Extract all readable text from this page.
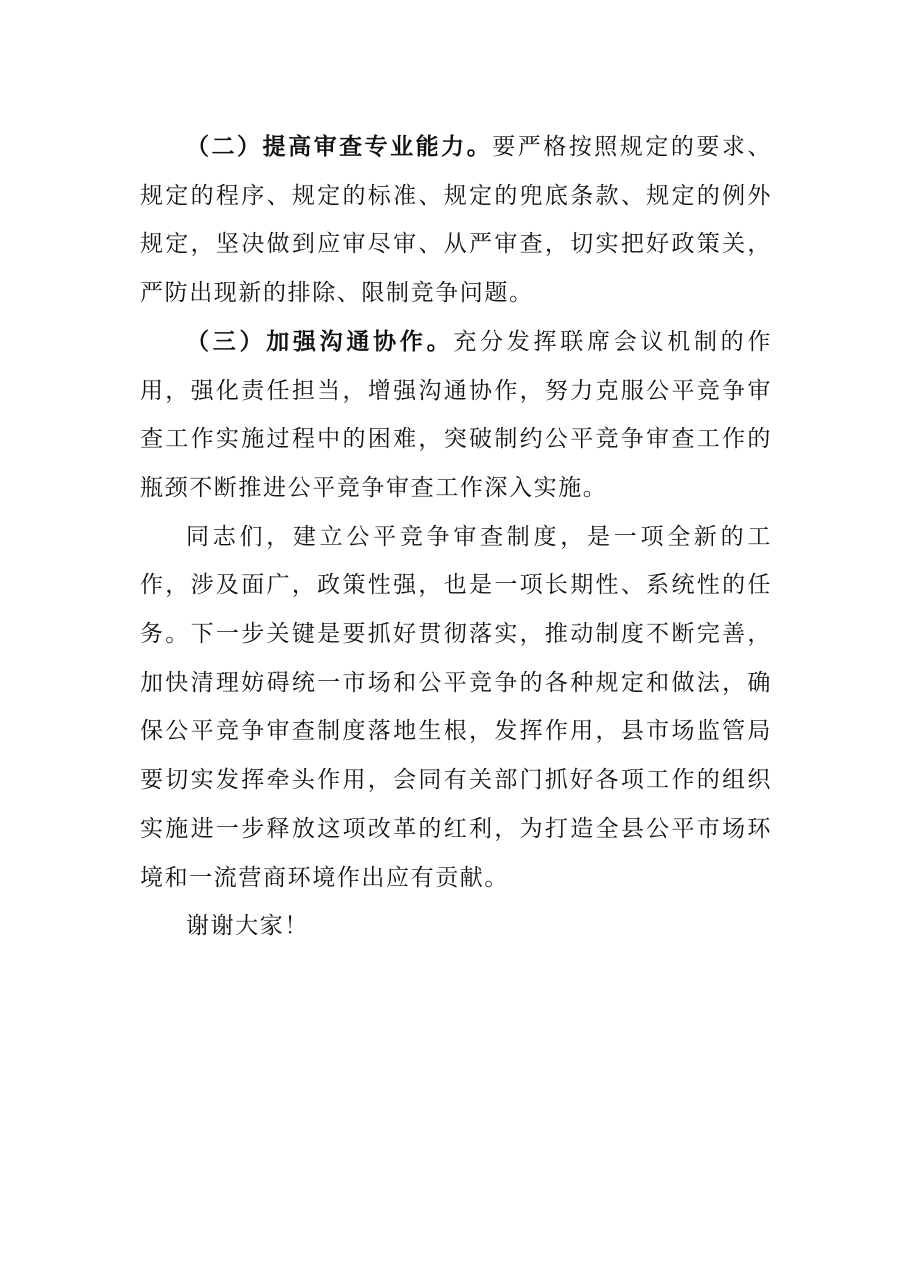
（二）提高审查专业能力。要严格按照规定的要求、规定的程序、规定的标准、规定的兜底条款、规定的例外规定，坚决做到应审尽审、从严审查，切实把好政策关，严防出现新的排除、限制竞争问题。

（三）加强沟通协作。充分发挥联席会议机制的作用，强化责任担当，增强沟通协作，努力克服公平竞争审查工作实施过程中的困难，突破制约公平竞争审查工作的瓶颈不断推进公平竞争审查工作深入实施。

同志们，建立公平竞争审查制度，是一项全新的工作，涉及面广，政策性强，也是一项长期性、系统性的任务。下一步关键是要抓好贯彻落实，推动制度不断完善，加快清理妨碍统一市场和公平竞争的各种规定和做法，确保公平竞争审查制度落地生根，发挥作用，县市场监管局要切实发挥牵头作用，会同有关部门抓好各项工作的组织实施进一步释放这项改革的红利，为打造全县公平市场环境和一流营商环境作出应有贡献。

谢谢大家！
